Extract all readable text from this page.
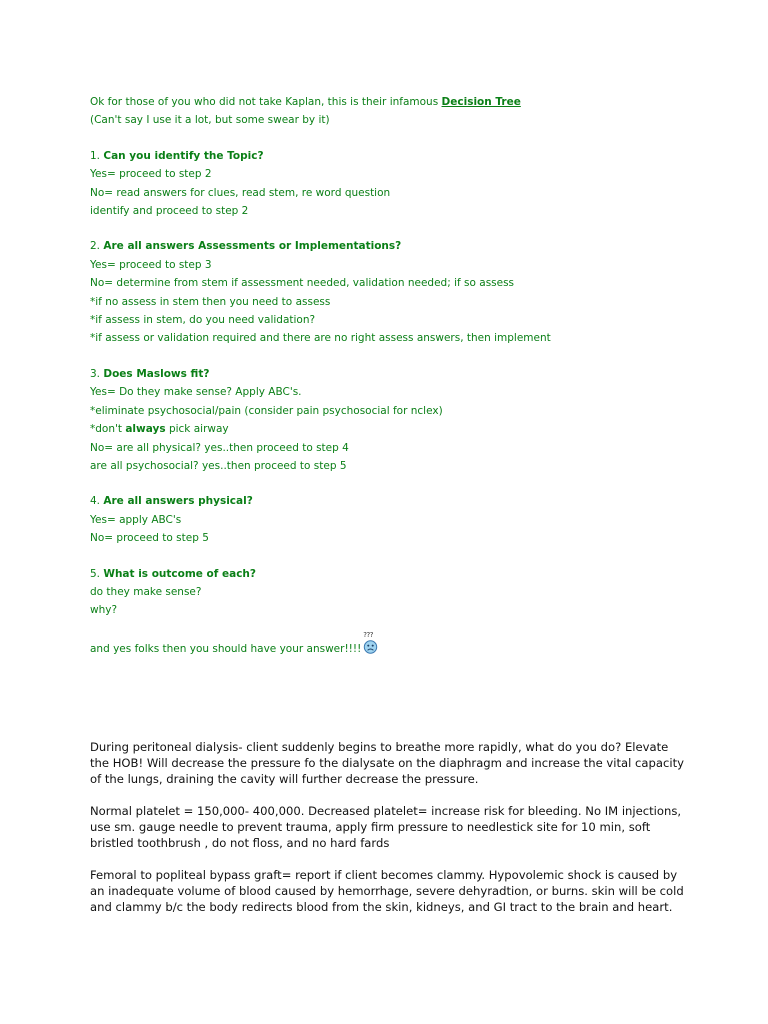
Ok for those of you who did not take Kaplan, this is their infamous Decision Tree

(Can't say I use it a lot, but some swear by it)

1. Can you identify the Topic?

Yes= proceed to step 2

No= read answers for clues, read stem, re word question

identify and proceed to step 2

2. Are all answers Assessments or Implementations?

Yes= proceed to step 3

No= determine from stem if assessment needed, validation needed; if so assess

*if no assess in stem then you need to assess

*if assess in stem, do you need validation?

*if assess or validation required and there are no right assess answers, then implement

3. Does Maslows fit?

Yes= Do they make sense? Apply ABC's.

*eliminate psychosocial/pain (consider pain psychosocial for nclex)

*don't always pick airway

No= are all physical? yes..then proceed to step 4

are all psychosocial? yes..then proceed to step 5

4. Are all answers physical?

Yes= apply ABC's

No= proceed to step 5

5. What is outcome of each?

do they make sense?

why?

and yes folks then you should have your answer!!!!
???

During peritoneal dialysis- client suddenly begins to breathe more rapidly, what do you do? Elevate the HOB! Will decrease the pressure fo the dialysate on the diaphragm and increase the vital capacity of the lungs, draining the cavity will further decrease the pressure.

Normal platelet = 150,000- 400,000. Decreased platelet= increase risk for bleeding. No IM injections, use sm. gauge needle to prevent trauma, apply firm pressure to needlestick site for 10 min, soft bristled toothbrush , do not floss, and no hard fards

Femoral to popliteal bypass graft= report if client becomes clammy. Hypovolemic shock is caused by an inadequate volume of blood caused by hemorrhage, severe dehyradtion, or burns. skin will be cold and clammy b/c the body redirects blood from the skin, kidneys, and GI tract to the brain and heart.
